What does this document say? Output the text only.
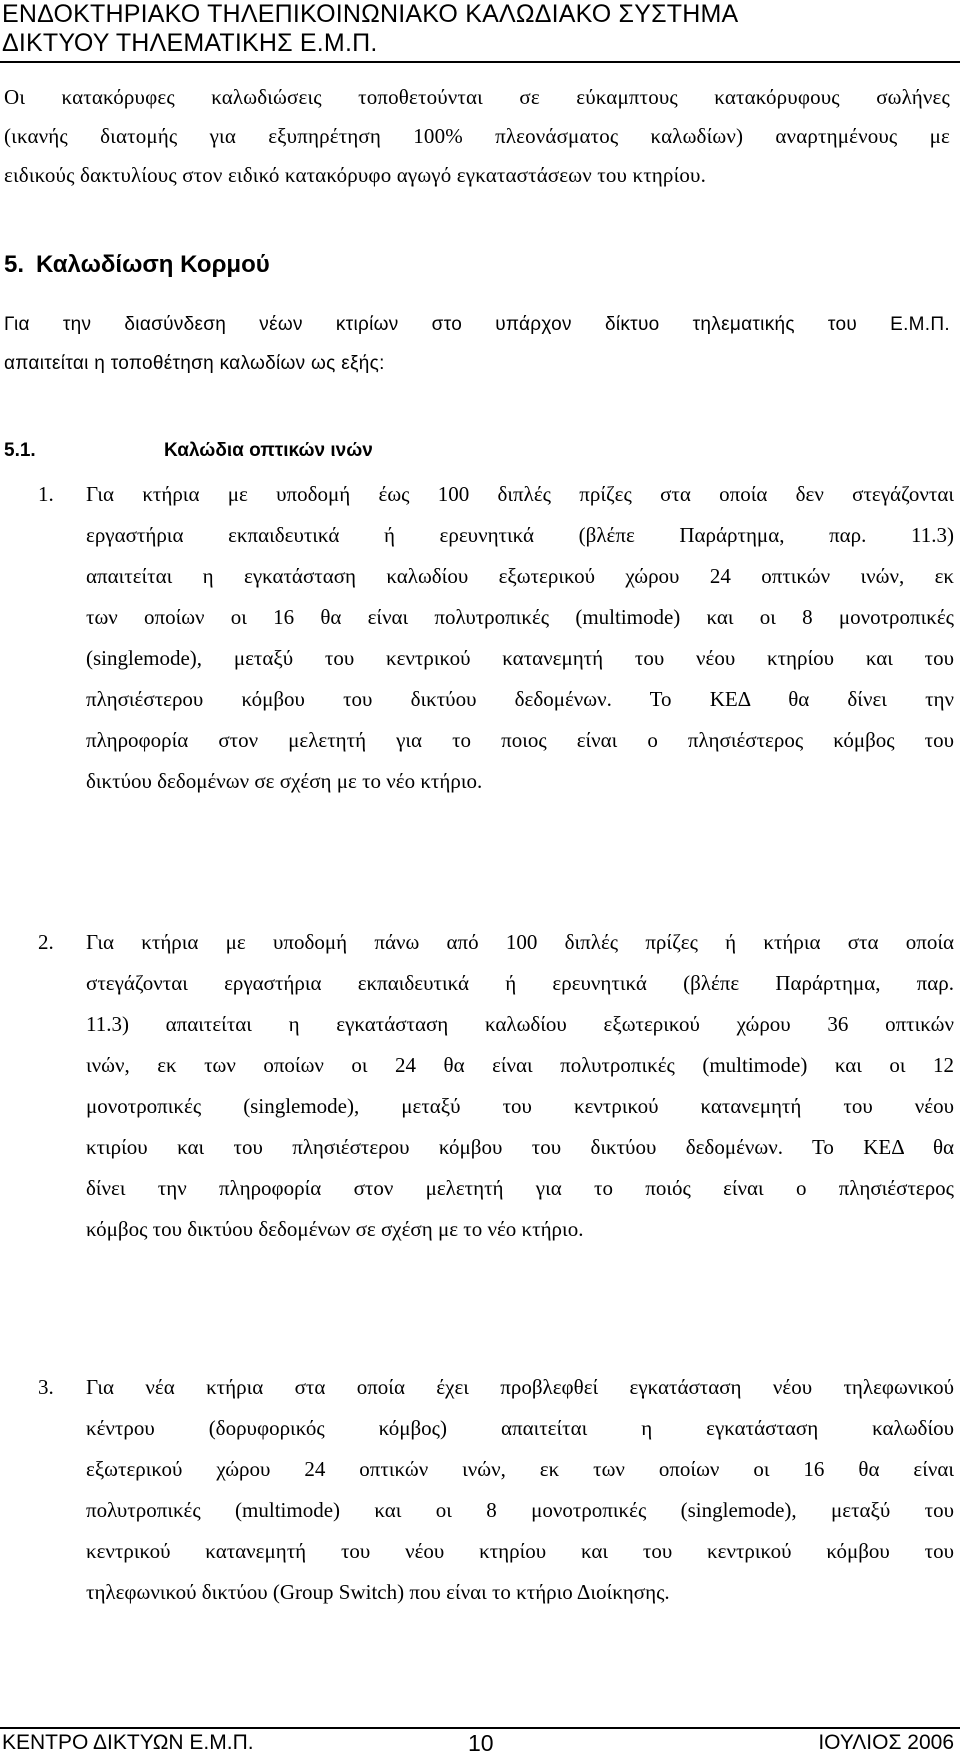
ΕΝΔΟΚΤΗΡΙΑΚΟ ΤΗΛΕΠΙΚΟΙΝΩΝΙΑΚΟ ΚΑΛΩΔΙΑΚΟ ΣΥΣΤΗΜΑ
ΔΙΚΤΥΟΥ ΤΗΛΕΜΑΤΙΚΗΣ Ε.Μ.Π.
Οι κατακόρυφες καλωδιώσεις τοποθετούνται σε εύκαμπτους κατακόρυφους σωλήνες
(ικανής διατομής για εξυπηρέτηση 100% πλεονάσματος καλωδίων) αναρτημένους με
ειδικούς δακτυλίους στον ειδικό κατακόρυφο αγωγό εγκαταστάσεων του κτηρίου.
5. Καλωδίωση Κορμού
Για την διασύνδεση νέων κτιρίων στο υπάρχον δίκτυο τηλεματικής του Ε.Μ.Π.
απαιτείται η τοποθέτηση καλωδίων ως εξής:
5.1.	Καλώδια οπτικών ινών
1. Για κτήρια με υποδομή έως 100 διπλές πρίζες στα οποία δεν στεγάζονται
εργαστήρια εκπαιδευτικά ή ερευνητικά (βλέπε Παράρτημα, παρ. 11.3)
απαιτείται η εγκατάσταση καλωδίου εξωτερικού χώρου 24 οπτικών ινών, εκ
των οποίων οι 16 θα είναι πολυτροπικές (multimode) και οι 8 μονοτροπικές
(singlemode), μεταξύ του κεντρικού κατανεμητή του νέου κτηρίου και του
πλησιέστερου κόμβου του δικτύου δεδομένων. Το ΚΕΔ θα δίνει την
πληροφορία στον μελετητή για το ποιος είναι ο πλησιέστερος κόμβος του
δικτύου δεδομένων σε σχέση με το νέο κτήριο.
2. Για κτήρια με υποδομή πάνω από 100 διπλές πρίζες ή κτήρια στα οποία
στεγάζονται εργαστήρια εκπαιδευτικά ή ερευνητικά (βλέπε Παράρτημα, παρ.
11.3) απαιτείται η εγκατάσταση καλωδίου εξωτερικού χώρου 36 οπτικών
ινών, εκ των οποίων οι 24 θα είναι πολυτροπικές (multimode) και οι 12
μονοτροπικές (singlemode), μεταξύ του κεντρικού κατανεμητή του νέου
κτιρίου και του πλησιέστερου κόμβου του δικτύου δεδομένων. Το ΚΕΔ θα
δίνει την πληροφορία στον μελετητή για το ποιός είναι ο πλησιέστερος
κόμβος του δικτύου δεδομένων σε σχέση με το νέο κτήριο.
3. Για νέα κτήρια στα οποία έχει προβλεφθεί εγκατάσταση νέου τηλεφωνικού
κέντρου (δορυφορικός κόμβος) απαιτείται η εγκατάσταση καλωδίου
εξωτερικού χώρου 24 οπτικών ινών, εκ των οποίων οι 16 θα είναι
πολυτροπικές (multimode) και οι 8 μονοτροπικές (singlemode), μεταξύ του
κεντρικού κατανεμητή του νέου κτηρίου και του κεντρικού κόμβου του
τηλεφωνικού δικτύου (Group Switch) που είναι το κτήριο Διοίκησης.
ΚΕΝΤΡΟ ΔΙΚΤΥΩΝ Ε.Μ.Π.	10	ΙΟΥΛΙΟΣ 2006
